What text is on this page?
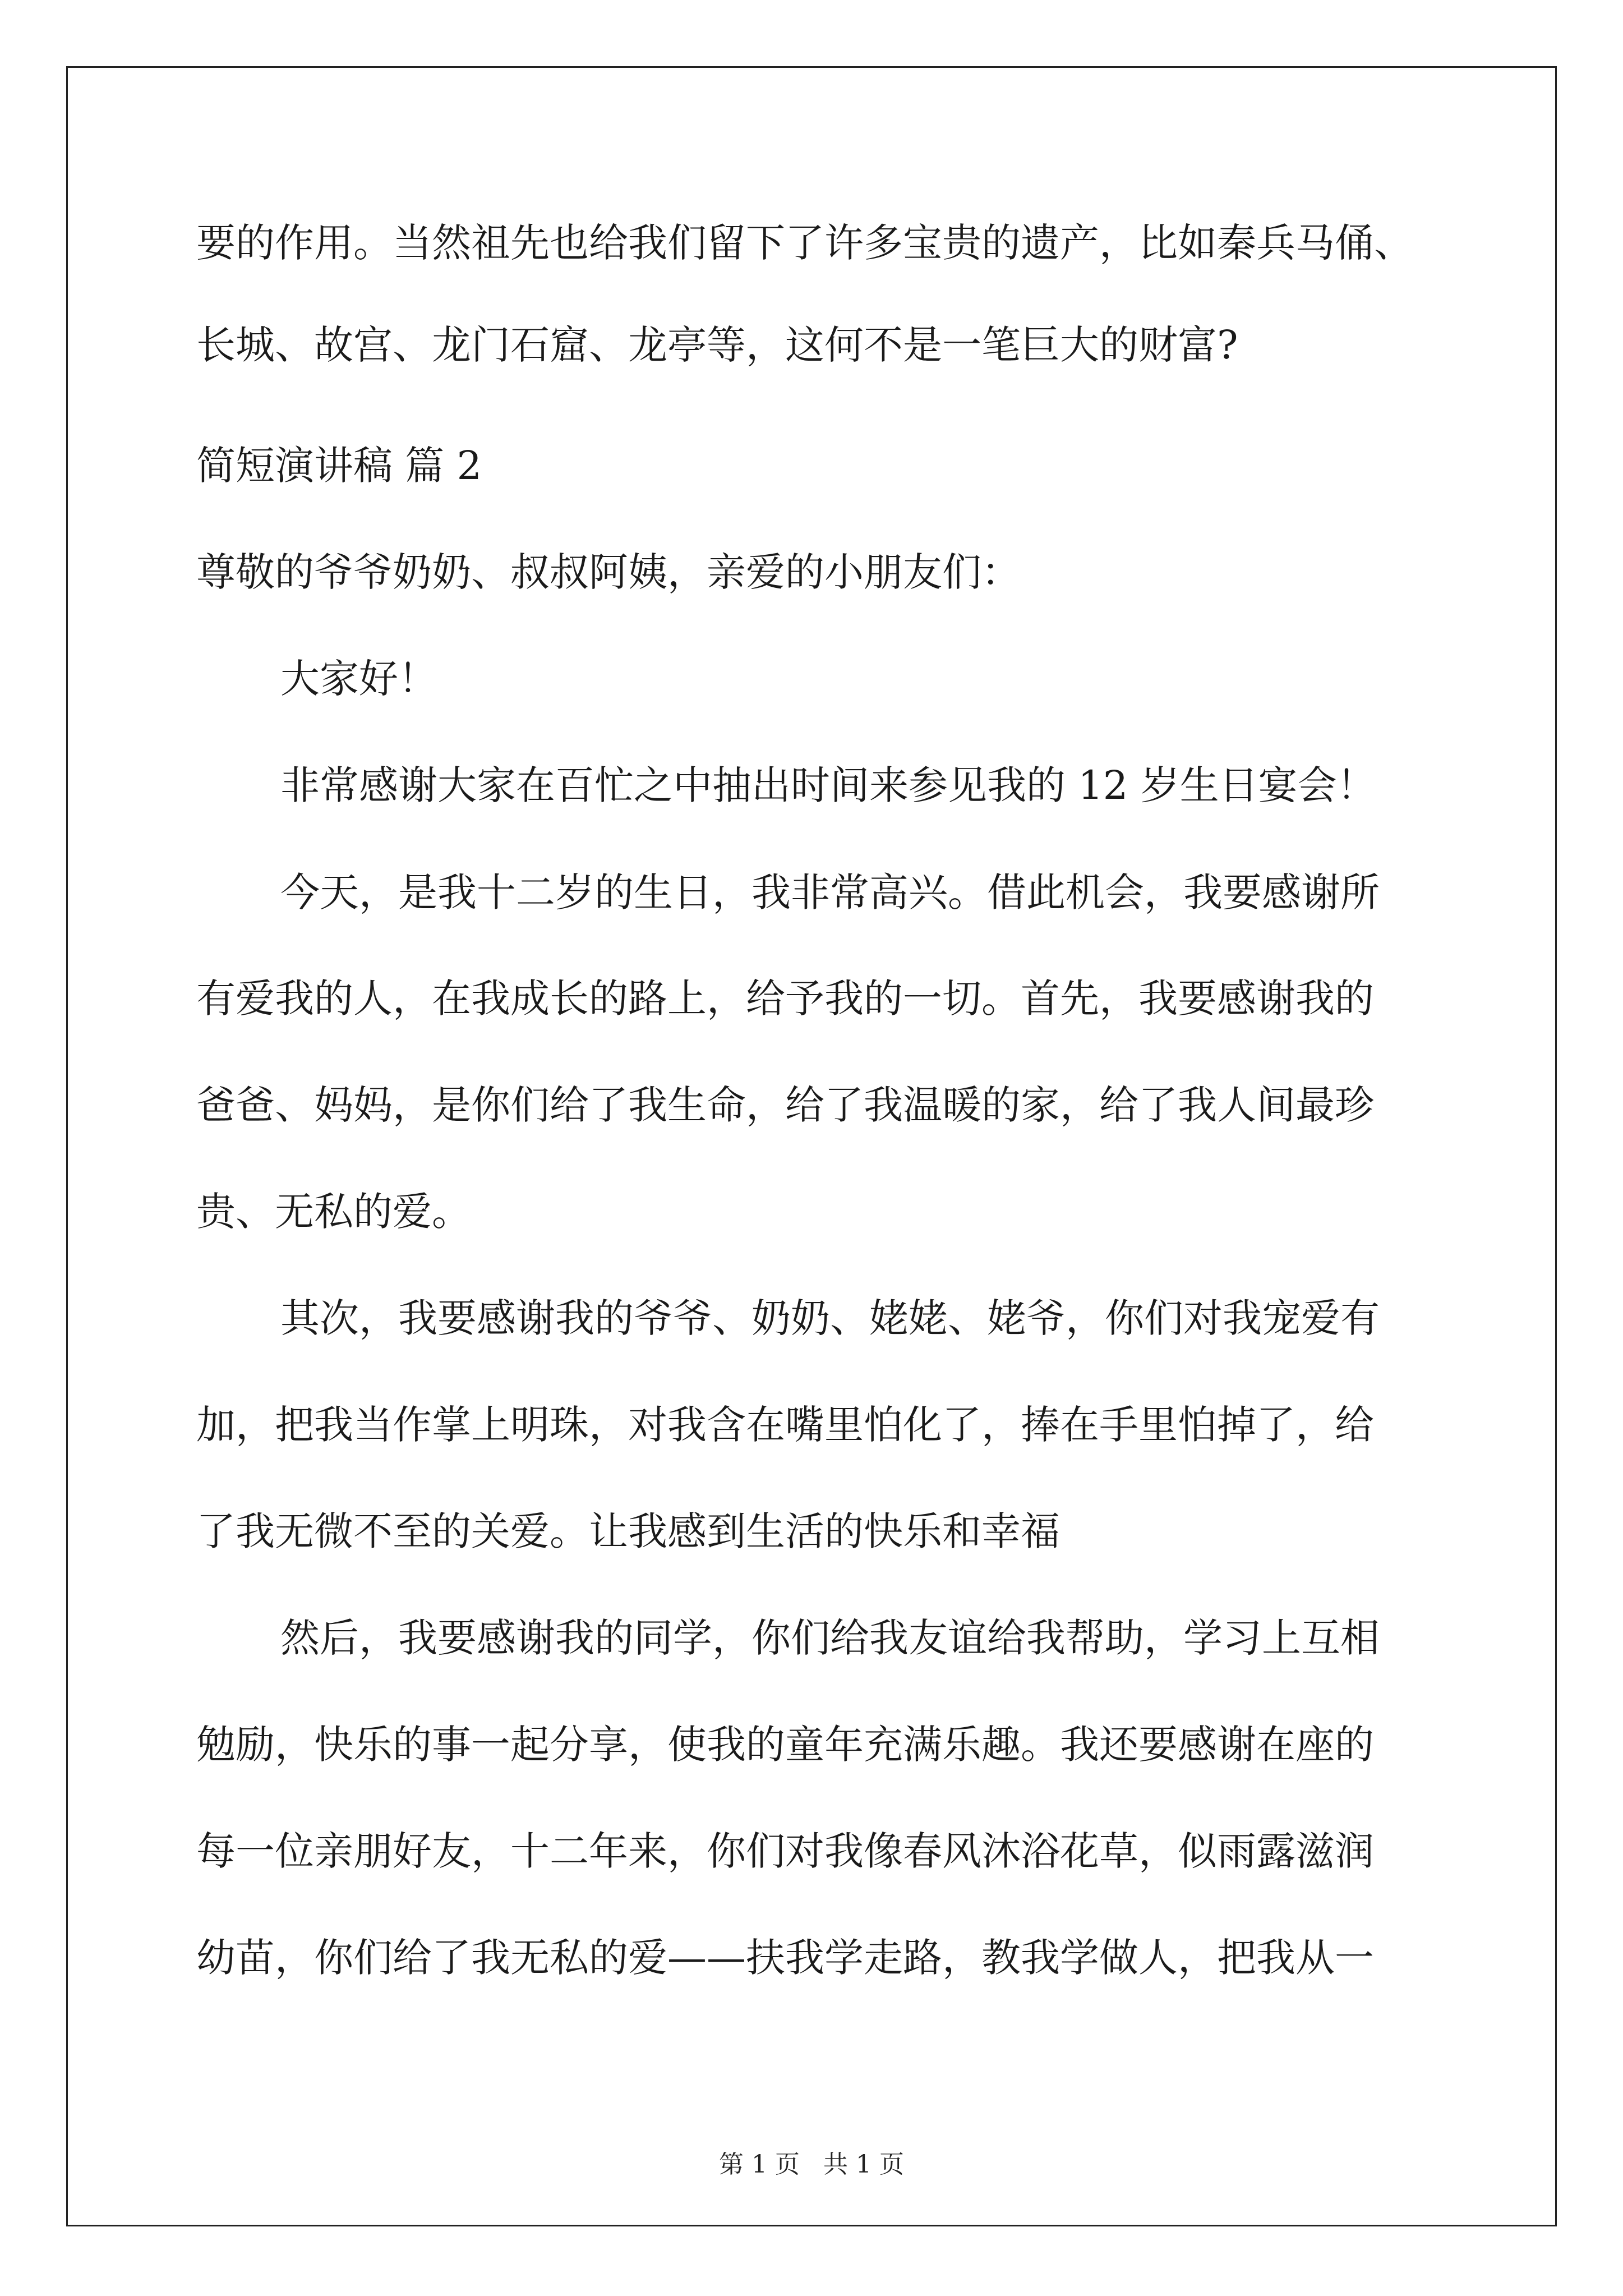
要的作用。当然祖先也给我们留下了许多宝贵的遗产，比如秦兵马俑、

长城、故宫、龙门石窟、龙亭等，这何不是一笔巨大的财富?

简短演讲稿 篇 2

尊敬的爷爷奶奶、叔叔阿姨，亲爱的小朋友们：

大家好！

非常感谢大家在百忙之中抽出时间来参见我的 12 岁生日宴会！

今天，是我十二岁的生日，我非常高兴。借此机会，我要感谢所

有爱我的人，在我成长的路上，给予我的一切。首先，我要感谢我的

爸爸、妈妈，是你们给了我生命，给了我温暖的家，给了我人间最珍

贵、无私的爱。

其次，我要感谢我的爷爷、奶奶、姥姥、姥爷，你们对我宠爱有

加，把我当作掌上明珠，对我含在嘴里怕化了，捧在手里怕掉了，给

了我无微不至的关爱。让我感到生活的快乐和幸福

然后，我要感谢我的同学，你们给我友谊给我帮助，学习上互相

勉励，快乐的事一起分享，使我的童年充满乐趣。我还要感谢在座的

每一位亲朋好友，十二年来，你们对我像春风沐浴花草，似雨露滋润

幼苗，你们给了我无私的爱——扶我学走路，教我学做人，把我从一

第 1 页   共 1 页
